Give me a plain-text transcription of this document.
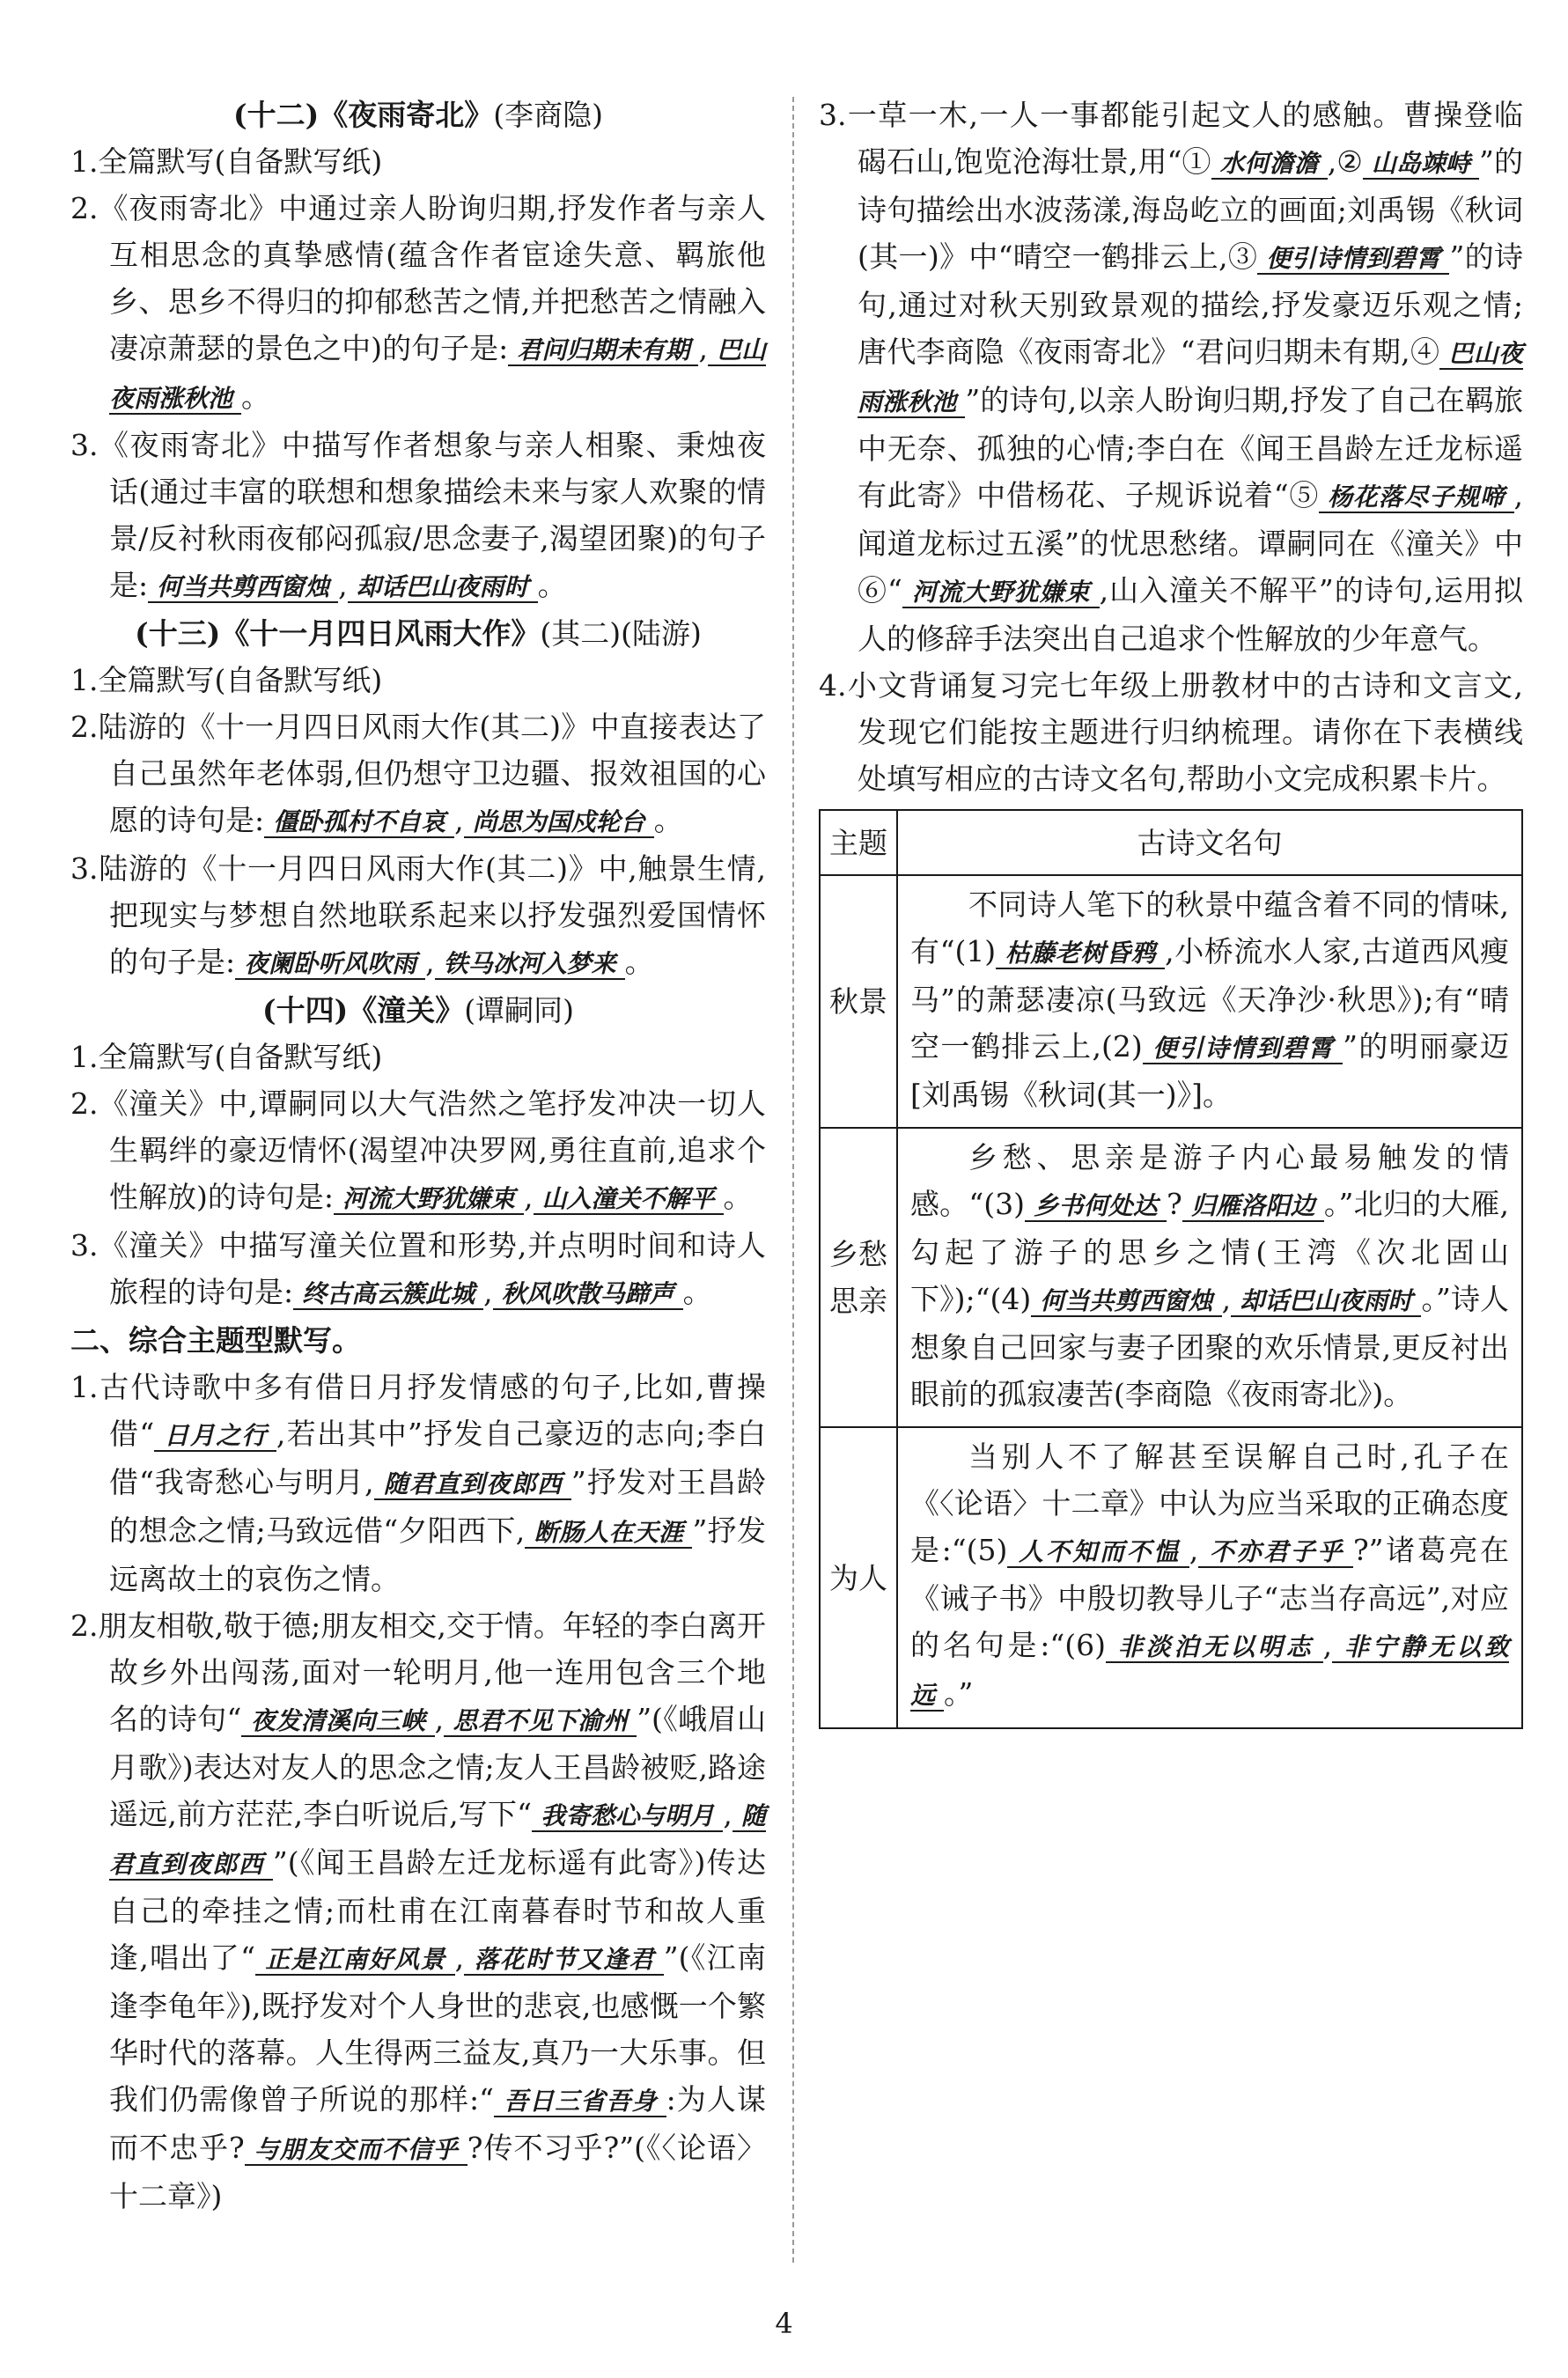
(十二)《夜雨寄北》(李商隐)

1.全篇默写(自备默写纸)

2.《夜雨寄北》中通过亲人盼询归期,抒发作者与亲人互相思念的真挚感情(蕴含作者宦途失意、羁旅他乡、思乡不得归的抑郁愁苦之情,并把愁苦之情融入凄凉萧瑟的景色之中)的句子是: 君问归期未有期 , 巴山夜雨涨秋池 。

3.《夜雨寄北》中描写作者想象与亲人相聚、秉烛夜话(通过丰富的联想和想象描绘未来与家人欢聚的情景/反衬秋雨夜郁闷孤寂/思念妻子,渴望团聚)的句子是: 何当共剪西窗烛 , 却话巴山夜雨时 。

(十三)《十一月四日风雨大作》(其二)(陆游)

1.全篇默写(自备默写纸)

2.陆游的《十一月四日风雨大作(其二)》中直接表达了自己虽然年老体弱,但仍想守卫边疆、报效祖国的心愿的诗句是: 僵卧孤村不自哀 , 尚思为国戍轮台 。

3.陆游的《十一月四日风雨大作(其二)》中,触景生情,把现实与梦想自然地联系起来以抒发强烈爱国情怀的句子是: 夜阑卧听风吹雨 , 铁马冰河入梦来 。

(十四)《潼关》(谭嗣同)

1.全篇默写(自备默写纸)

2.《潼关》中,谭嗣同以大气浩然之笔抒发冲决一切人生羁绊的豪迈情怀(渴望冲决罗网,勇往直前,追求个性解放)的诗句是: 河流大野犹嫌束 , 山入潼关不解平 。

3.《潼关》中描写潼关位置和形势,并点明时间和诗人旅程的诗句是: 终古高云簇此城 , 秋风吹散马蹄声 。

二、综合主题型默写。

1.古代诗歌中多有借日月抒发情感的句子,比如,曹操借“ 日月之行 ,若出其中”抒发自己豪迈的志向;李白借“我寄愁心与明月, 随君直到夜郎西 ”抒发对王昌龄的想念之情;马致远借“夕阳西下, 断肠人在天涯 ”抒发远离故土的哀伤之情。

2.朋友相敬,敬于德;朋友相交,交于情。年轻的李白离开故乡外出闯荡,面对一轮明月,他一连用包含三个地名的诗句“ 夜发清溪向三峡 , 思君不见下渝州 ”(《峨眉山月歌》)表达对友人的思念之情;友人王昌龄被贬,路途遥远,前方茫茫,李白听说后,写下“ 我寄愁心与明月 , 随君直到夜郎西 ”(《闻王昌龄左迁龙标遥有此寄》)传达自己的牵挂之情;而杜甫在江南暮春时节和故人重逢,唱出了“ 正是江南好风景 , 落花时节又逢君 ”(《江南逢李龟年》),既抒发对个人身世的悲哀,也感慨一个繁华时代的落幕。人生得两三益友,真乃一大乐事。但我们仍需像曾子所说的那样:“ 吾日三省吾身 :为人谋而不忠乎? 与朋友交而不信乎 ?传不习乎?”(《〈论语〉十二章》)

3.一草一木,一人一事都能引起文人的感触。曹操登临碣石山,饱览沧海壮景,用“① 水何澹澹 ,② 山岛竦峙 ”的诗句描绘出水波荡漾,海岛屹立的画面;刘禹锡《秋词(其一)》中“晴空一鹤排云上,③ 便引诗情到碧霄 ”的诗句,通过对秋天别致景观的描绘,抒发豪迈乐观之情;唐代李商隐《夜雨寄北》“君问归期未有期,④ 巴山夜雨涨秋池 ”的诗句,以亲人盼询归期,抒发了自己在羁旅中无奈、孤独的心情;李白在《闻王昌龄左迁龙标遥有此寄》中借杨花、子规诉说着“⑤ 杨花落尽子规啼 ,闻道龙标过五溪”的忧思愁绪。谭嗣同在《潼关》中⑥“ 河流大野犹嫌束 ,山入潼关不解平”的诗句,运用拟人的修辞手法突出自己追求个性解放的少年意气。

4.小文背诵复习完七年级上册教材中的古诗和文言文,发现它们能按主题进行归纳梳理。请你在下表横线处填写相应的古诗文名句,帮助小文完成积累卡片。

主题	古诗文名句
秋景	不同诗人笔下的秋景中蕴含着不同的情味,有“(1) 枯藤老树昏鸦 ,小桥流水人家,古道西风瘦马”的萧瑟凄凉(马致远《天净沙·秋思》);有“晴空一鹤排云上,(2) 便引诗情到碧霄 ”的明丽豪迈[刘禹锡《秋词(其一)》]。
乡愁思亲	乡愁、思亲是游子内心最易触发的情感。“(3) 乡书何处达 ? 归雁洛阳边 。”北归的大雁,勾起了游子的思乡之情(王湾《次北固山下》);“(4) 何当共剪西窗烛 , 却话巴山夜雨时 。”诗人想象自己回家与妻子团聚的欢乐情景,更反衬出眼前的孤寂凄苦(李商隐《夜雨寄北》)。
为人	当别人不了解甚至误解自己时,孔子在《〈论语〉十二章》中认为应当采取的正确态度是:“(5) 人不知而不愠 , 不亦君子乎 ?”诸葛亮在《诫子书》中殷切教导儿子“志当存高远”,对应的名句是:“(6) 非淡泊无以明志 , 非宁静无以致远 。”
4
